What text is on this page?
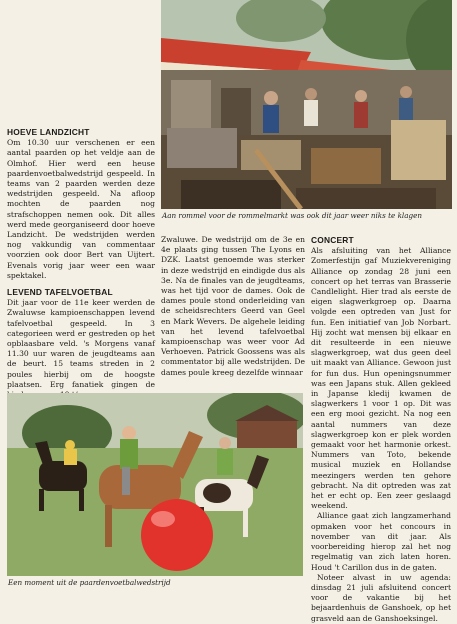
Aan rommel voor de rommelmarkt was ook dit jaar weer niks te klagen
HOEVE LANDZICHT

Om 10.30 uur verschenen er een aantal paarden op het veldje aan de Olmhof. Hier werd een heuse paardenvoetbalwedstrijd gespeeld. In teams van 2 paarden werden deze wedstrijden gespeeld. Na afloop mochten de paarden nog strafschoppen nemen ook. Dit alles werd mede georganiseerd door hoeve Landzicht. De wedstrijden werden nog vakkundig van commentaar voorzien ook door Bert van Uijtert. Evenals vorig jaar weer een waar spektakel.

LEVEND TAFELVOETBAL

Dit jaar voor de 11e keer werden de Zwaluwse kampioenschappen levend tafelvoetbal gespeeld. In 3 categorieen werd er gestreden op het opblaasbare veld. 's Morgens vanaf 11.30 uur waren de jeugdteams aan de beurt. 15 teams streden in 2 poules hierbij om de hoogste plaatsen. Erg fanatiek gingen de

Zwaluwe. De wedstrijd om de 3e en 4e plaats ging tussen The Lyons en DZK. Laatst genoemde was sterker in deze wedstrijd en eindigde dus als 3e. Na de finales van de jeugdteams, was het tijd voor de dames. Ook de dames poule stond onderleiding van de scheidsrechters Geerd van Geel en Mark Wevers. De algehele leiding van het levend tafelvoetbal kampioenschap was weer voor Ad Verhoeven. Patrick Goossens was als commentator bij alle wedstrijden. De dames poule kreeg dezelfde winnaar

CONCERT

Als afsluiting van het Alliance Zomerfestijn gaf Muziekvereniging Alliance op zondag 28 juni een concert op het terras van Brasserie Candlelight. Hier trad als eerste de eigen slagwerkgroep op. Daarna volgde een optreden van Just for fun. Een initiatief van Job Norbart. Hij zocht wat mensen bij elkaar en dit resulteerde in een nieuwe slagwerkgroep, wat dus geen deel uit maakt van Alliance. Gewoon just for fun dus. Hun openingsnummer was een Japans stuk. Allen gekleed in Japanse kledij kwamen de slagwerkers 1 voor 1 op. Dit was een erg mooi gezicht. Na nog een aantal nummers van deze slagwerkgroep kon er plek worden gemaakt voor het harmonie orkest. Nummers van Toto, bekende musical muziek en Hollandse meezingers werden ten gehore gebracht. Na dit optreden was zat het er echt op. Een zeer geslaagd weekend.

Alliance gaat zich langzamerhand opmaken voor het concours in november van dit jaar. Als voorbereiding hierop zal het nog regelmatig van zich laten horen. Houd 't Carillon dus in de gaten.

Noteer alvast in uw agenda: dinsdag 21 juli afsluitend concert voor de vakantie bij het bejaardenhuis de Ganshoek, op het grasveld aan de Ganshoeksingel.

Een moment uit de paardenvoetbalwedstrijd
